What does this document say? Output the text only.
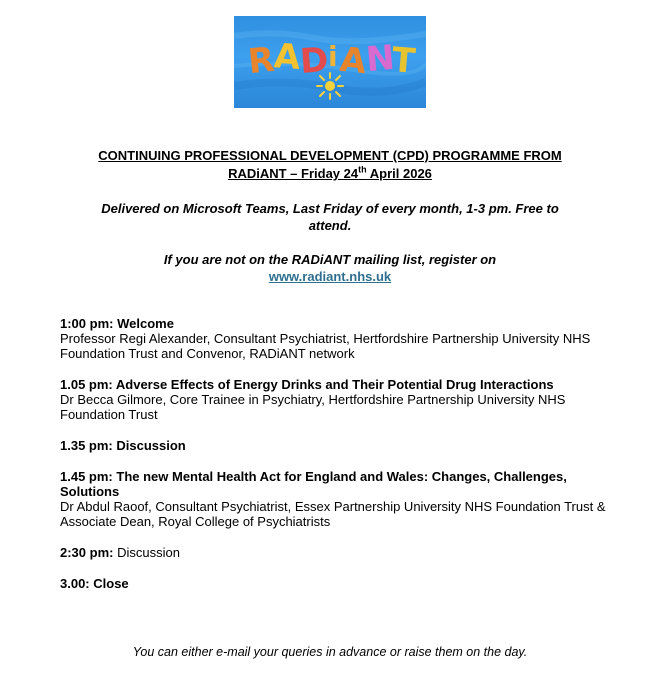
R
A
D
i A
N
T
CONTINUING PROFESSIONAL DEVELOPMENT (CPD) PROGRAMME FROM
RADiANT – Friday 24th April 2026
Delivered on Microsoft Teams, Last Friday of every month, 1-3 pm. Free to
attend.
If you are not on the RADiANT mailing list, register on
www.radiant.nhs.uk
1:00 pm: Welcome
Professor Regi Alexander, Consultant Psychiatrist, Hertfordshire Partnership University NHS Foundation Trust and Convenor, RADiANT network
1.05 pm: Adverse Effects of Energy Drinks and Their Potential Drug Interactions
Dr Becca Gilmore, Core Trainee in Psychiatry, Hertfordshire Partnership University NHS Foundation Trust
1.35 pm: Discussion
1.45 pm: The new Mental Health Act for England and Wales: Changes, Challenges, Solutions
Dr Abdul Raoof, Consultant Psychiatrist, Essex Partnership University NHS Foundation Trust & Associate Dean, Royal College of Psychiatrists
2:30 pm: Discussion
3.00: Close
You can either e-mail your queries in advance or raise them on the day.
